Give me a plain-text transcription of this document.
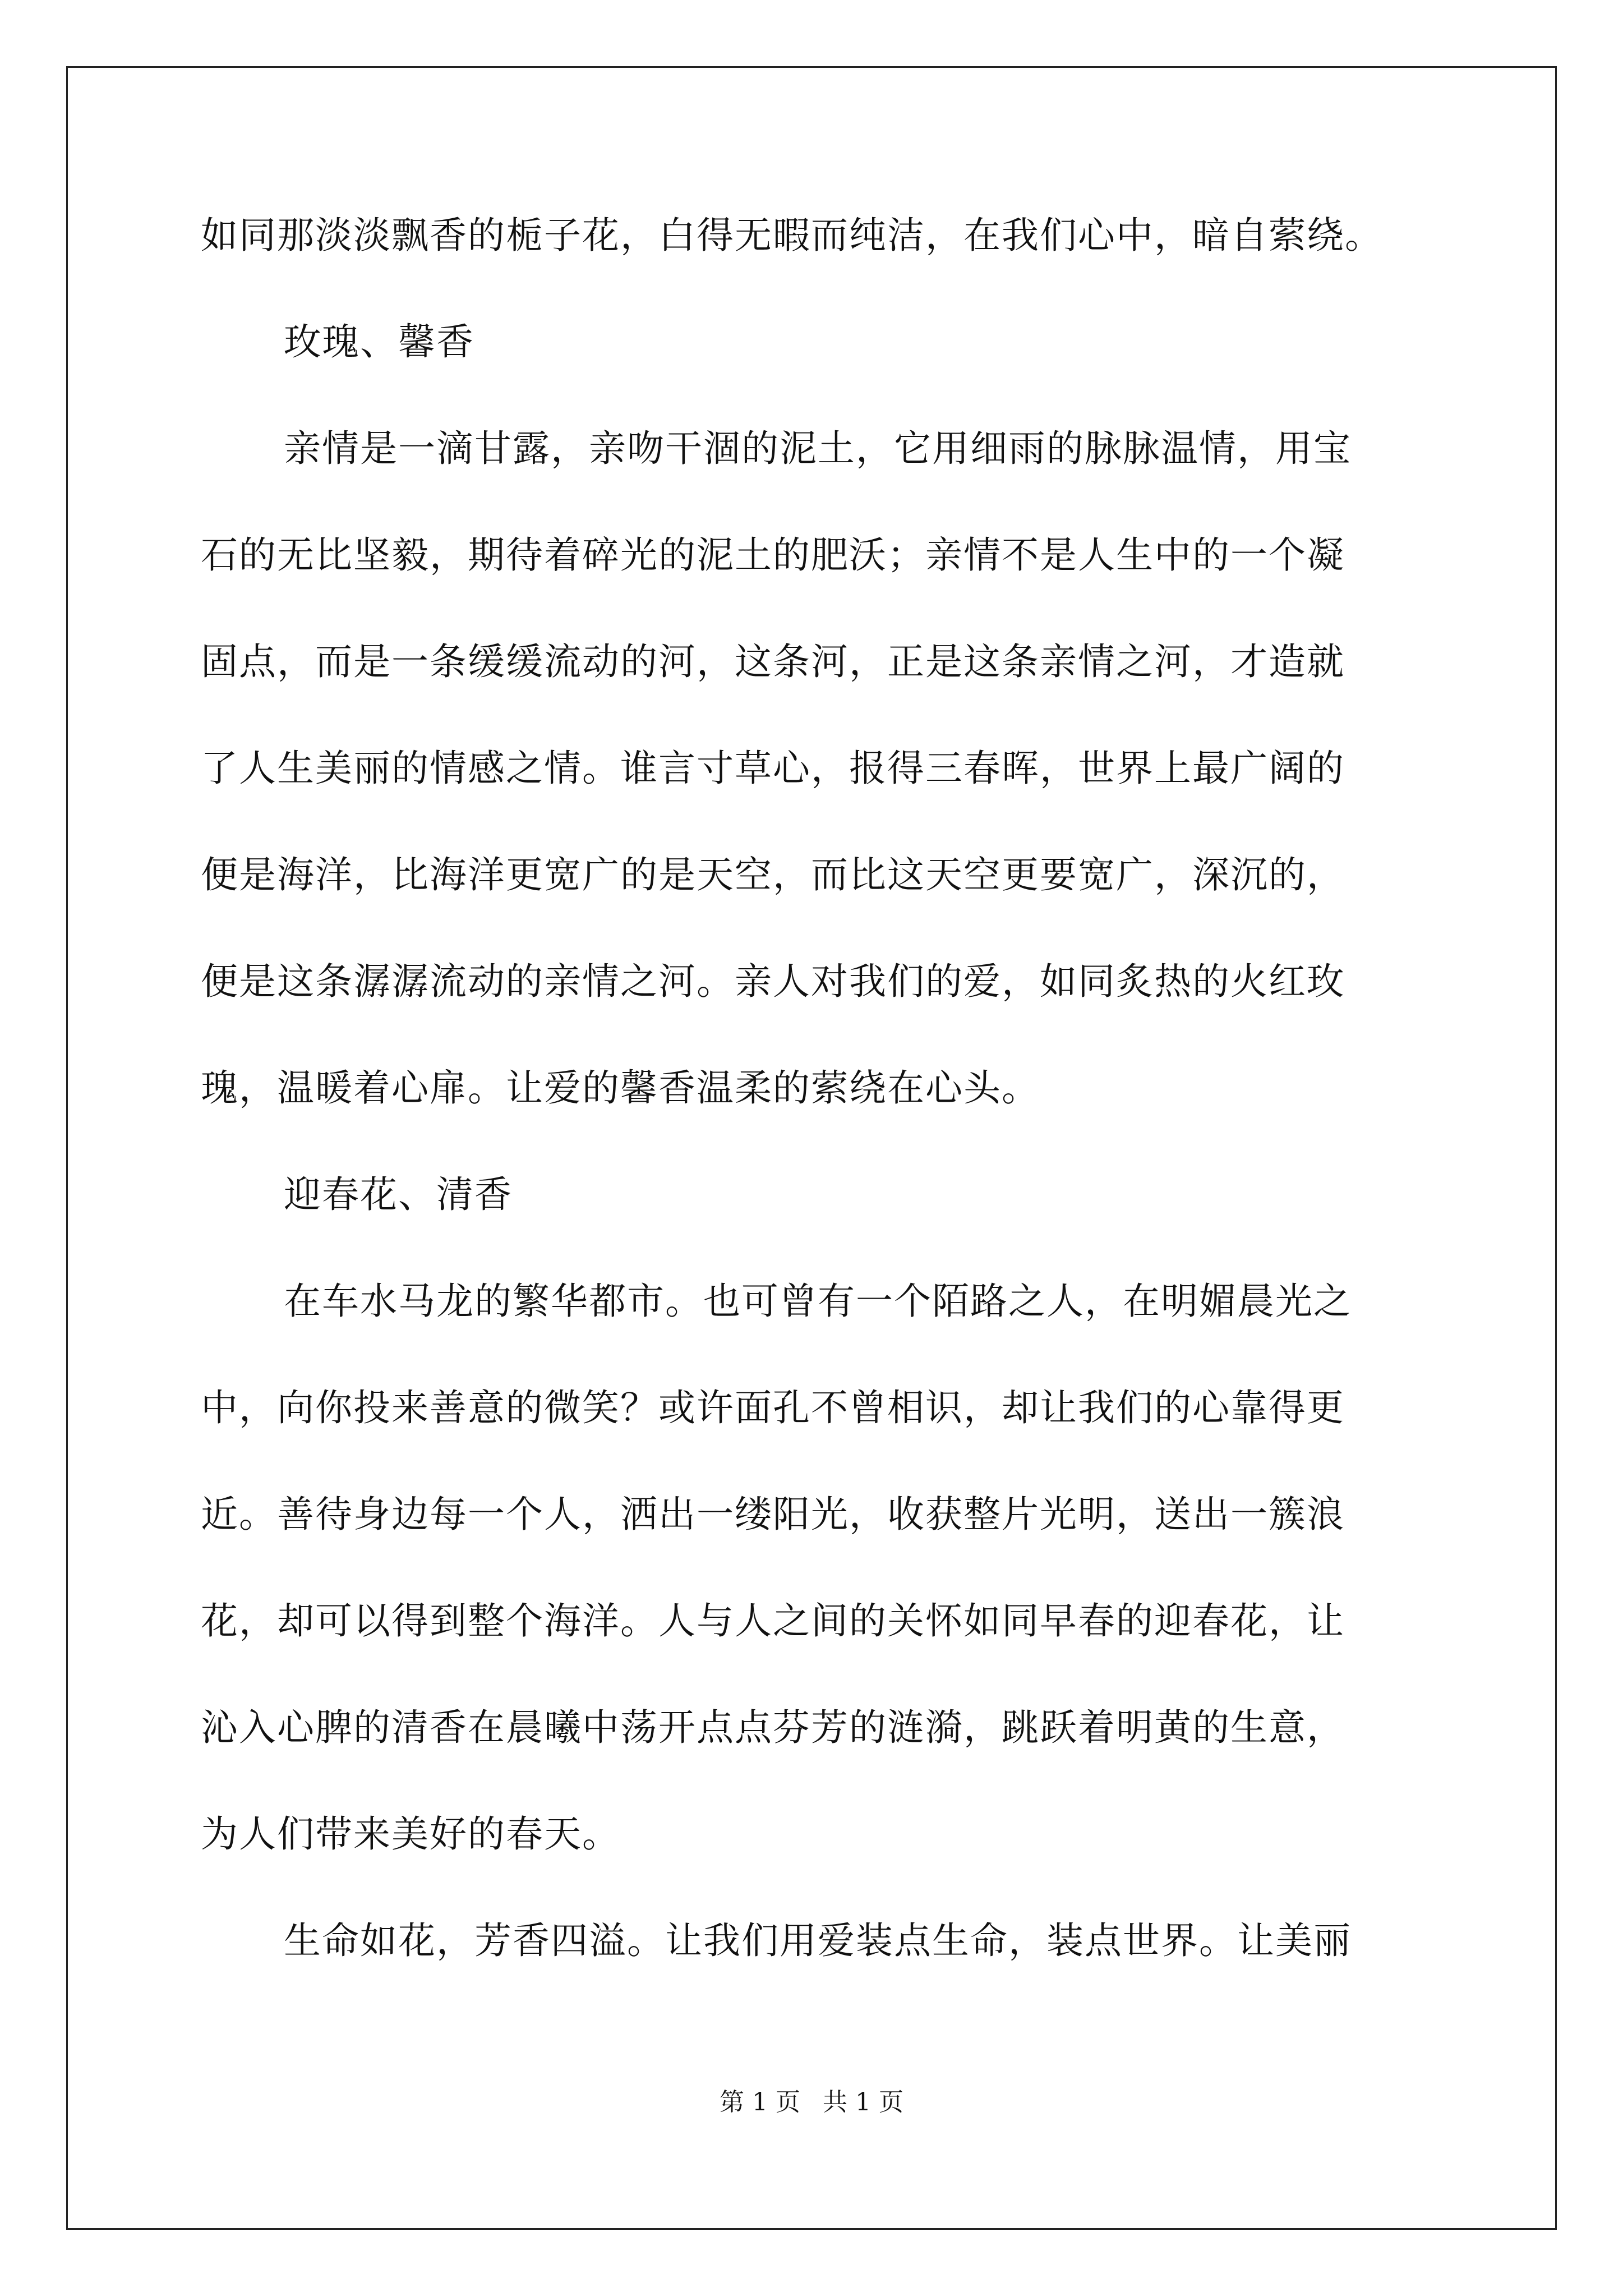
如同那淡淡飘香的栀子花，白得无暇而纯洁，在我们心中，暗自萦绕。

玫瑰、馨香

亲情是一滴甘露，亲吻干涸的泥土，它用细雨的脉脉温情，用宝

石的无比坚毅，期待着碎光的泥土的肥沃；亲情不是人生中的一个凝

固点，而是一条缓缓流动的河，这条河，正是这条亲情之河，才造就

了人生美丽的情感之情。谁言寸草心，报得三春晖，世界上最广阔的

便是海洋，比海洋更宽广的是天空，而比这天空更要宽广，深沉的，

便是这条潺潺流动的亲情之河。亲人对我们的爱，如同炙热的火红玫

瑰，温暖着心扉。让爱的馨香温柔的萦绕在心头。

迎春花、清香

在车水马龙的繁华都市。也可曾有一个陌路之人，在明媚晨光之

中，向你投来善意的微笑？或许面孔不曾相识，却让我们的心靠得更

近。善待身边每一个人，洒出一缕阳光，收获整片光明，送出一簇浪

花，却可以得到整个海洋。人与人之间的关怀如同早春的迎春花，让

沁入心脾的清香在晨曦中荡开点点芬芳的涟漪，跳跃着明黄的生意，

为人们带来美好的春天。

生命如花，芳香四溢。让我们用爱装点生命，装点世界。让美丽

第 1 页 共 1 页
